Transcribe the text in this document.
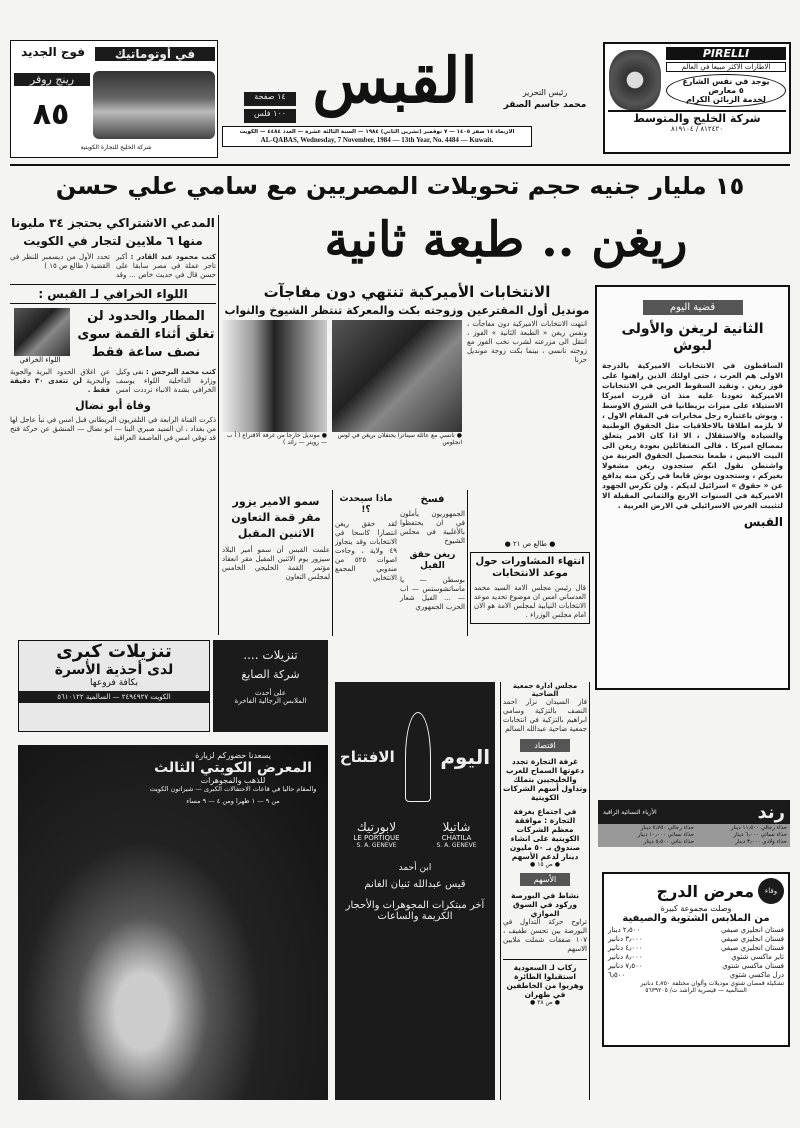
PIRELLI
الاطارات الاكثر مبيعا في العالم
يوجد في نفس الشارع
٥ معارض
لخدمة الزبائن الكرام
شركة الخليج والمتوسط
٨١٢٤٢٠ / ٨١٩١٠٤
القبس	رئيس التحرير
محمد جاسم الصقر
١٤ صفحة
١٠٠ فلس
الاربعاء ١٤ صفر ١٤٠٥ — ٧ نوفمبر (تشرين الثاني) ١٩٨٤ — السنة الثالثة عشرة — العدد ٤٤٨٤ — الكويت
AL-QABAS, Wednesday, 7 November, 1984 — 13th Year, No. 4484 — Kuwait.
في أوتوماتيك
فوج الجديد
رينج روفر
٨٥
شركة الخليج للتجارة الكويتية
١٥ مليار جنيه حجم تحويلات المصريين مع سامي علي حسن
المدعي الاشتراكي يحتجز ٣٤ مليونا
منها ٦ ملايين لتجار في الكويت
كتب محمود عبد القادر : أكبر تاجر عملة في مصر سابقا على حسن قال في حديث خاص ... وقد تحدد الأول من ديسمبر للنظر في القضية ( طالع ص ١٥ )
اللواء الخرافي لـ القبس :
المطار والحدود لن تغلق أثناء القمة سوى نصف ساعة فقط
اللواء الخرافي
كتب محمد البرجس : نفى وكيل وزارة الداخلية اللواء يوسف الخرافي بشدة الانباء ترددت امس عن اغلاق الحدود البرية والجوية والبحرية لن تتعدى ٣٠ دقيقة فقط .
وفاة أبو نضال
ذكرت القناة الرابعة في التلفزيون البريطاني قبل امس في نبأ عاجل لها من بغداد ، ان السيد صبري البنا — ابو نضال — المنشق عن حركة فتح قد توفي امس في العاصمة العراقية
ريغن .. طبعة ثانية
الانتخابات الأميركية تنتهي دون مفاجآت
مونديل أول المقترعين وزوجته بكت والمعركة تنتظر الشيوخ والنواب
● مونديل خارجا من غرفة الاقتراع ( أ ب — رويتر — رائد )
● نانسي مع عائلة سيناترا يحتفلان بريغن في لوس انجلوس
انتهت الانتخابات الاميركية دون مفاجآت ، ونفس ريغن « الطبعة الثانية » الفوز ، انتقل الى مزرعته لشرب نخب الفوز مع زوجته نانسي ، بينما بكت زوجة مونديل حزنا
قضية اليوم
الثانية لريغن والأولى لبوش
الساقطون في الانتخابات الاميركية بالدرجة الاولى هم العرب ، حتى اولئك الذين راهنوا على فوز ريغن . ونقيد السقوط العربي في الانتخابات الاميركية تعودنا عليه منذ ان قررت اميركا الاستيلاء على ميراث بريطانيا في الشرق الاوسط . وبوش باعتباره رجل مخابرات في المقام الاول ، لا يلزمه اطلاقا بالاخلاقيات مثل الحقوق الوطنية والسيادة والاستقلال ، الا اذا كان الامر يتعلق بمصالح اميركا . فالى المتفائلين بعودة ريغن الى البيت الابيض ، طمعا بتحصيل الحقوق العربية من واشنطن نقول انكم ستجدون ريغن مشغولا بغيركم ، وستجدون بوش قابعا في ركن منه يدافع عن « حقوق » اسرائيل لديكم . ولن تكرس الجهود الاميركية في السنوات الاربع والثماني المقبلة الا لتثبيت الغرس الاسرائيلي في الارض العربية .
القبس
سمو الامير يزور مقر قمة التعاون الاثنين المقبل
علمت القبس أن سمو أمير البلاد سيزور يوم الاثنين المقبل مقر انعقاد مؤتمر القمة الخليجي الخامس لمجلس التعاون
ماذا سيحدث ؟!
لقد حقق ريغن انتصارا كاسحا في الانتخابات وقد يتجاوز ٤٩ ولاية ، وجاءت اصوات ٥٢٥ من مندوبي المجمع الانتخابي
فسخ
الجمهوريون يأملون في ان يحتفظوا بالأغلبية في مجلس الشيوخ
ريغن حقق الفيل
بوسطن — يا ماساتشوستس — اب — ... الفيل شعار الحزب الجمهوري
● طالع ص ٢١ ●
انتهاء المشاورات حول موعد الانتخابات
قال رئيس مجلس الامة السيد محمد العدساني امس ان موضوع تحديد موعد الانتخابات النيابية لمجلس الامة هو الان امام مجلس الوزراء .
تنزيلات كبرى
لدى أحذية الأسرة
بكافة فروعها
الكويت ٢٤٩٤٩٢٧ — السالمية ٥٦١٠١٢٢
تنزيلات ....
شركة الصايغ
على أحدث
الملابس الرجالية الفاخرة
يسعدنا حضوركم لزيارة
المعرض الكويتي الثالث
للذهب والمجوهرات
والمقام حاليا في قاعات الاحتفالات الكبرى — شيراتون الكويت
من ٩ — ١ ظهرا ومن ٤ — ٩ مساء
اليوم
الافتتاح
شاتيلا
CHATILA
S. A. GENEVE
لابورتيك
LE PORTIQUE
S. A. GENEVE
ابن أحمد
قيس عبدالله ثنيان الغانم
آخر مبتكرات المجوهرات والأحجار الكريمة والساعات
مجلس ادارة جمعية الضاحية
فاز السيدان نزار احمد النصف بالتزكية وسامي ابراهيم بالتزكية في انتخابات جمعية ضاحية عبدالله السالم
اقتصاد
غرفة التجارة تجدد دعوتها السماح للعرب والخليجيين بتملك وتداول أسهم الشركات الكويتية
في اجتماع بغرفة التجارة : موافقة معظم الشركات الكويتية على انشاء صندوق بـ ٥٠ مليون دينار لدعم الأسهم
● ص ١٥ ●
الأسهم
نشاط في البورصة وركود في السوق الموازي
تراوح حركة التداول في البورصة بين تحسن طفيف ، ١٠٧ صفقات شملت ملايين الاسهم
ركاب لـ السعودية استقبلوا الطائرة وهربوا من الخاطفين في طهران
● ص ٢٨ ●
رند
الأزياء النسائية الراقية
حذاء رجالي ١١٫٥٠٠ دينار
حذاء رجالي ٧٫٧٥٠ دينار
حذاء نسائي ٦٫٠٠٠ دينار
حذاء نسائي ١٠٫٠٠٠ دينار
حذاء ولادي ٣٫٠٠٠ دينار
حذاء بناتي ٥٫٥٠٠ دينار
وفاء
معرض الدرج
وصلت مجموعة كبيرة
من الملابس الشتوية والصيفية
فستان انجليزي صيفي
٢٫٥٠٠ دينار
فستان انجليزي صيفي
٣٫٠٠٠ دنانير
فستان انجليزي صيفي
٤٫٠٠٠ دنانير
تاير ماكسي شتوي
٨٫٠٠٠ دنانير
فستان ماكسي شتوي
٧٫٥٠٠ دنانير
درل ماكسي شتوي
٦٫٥٠٠
تشكيلة قمصان شتوي موديلات وألوان مختلفة ٤٫٧٥٠ دنانير
السالمية — قيصرية الراشد ت/ ٥٦٣٩٢٠٥
